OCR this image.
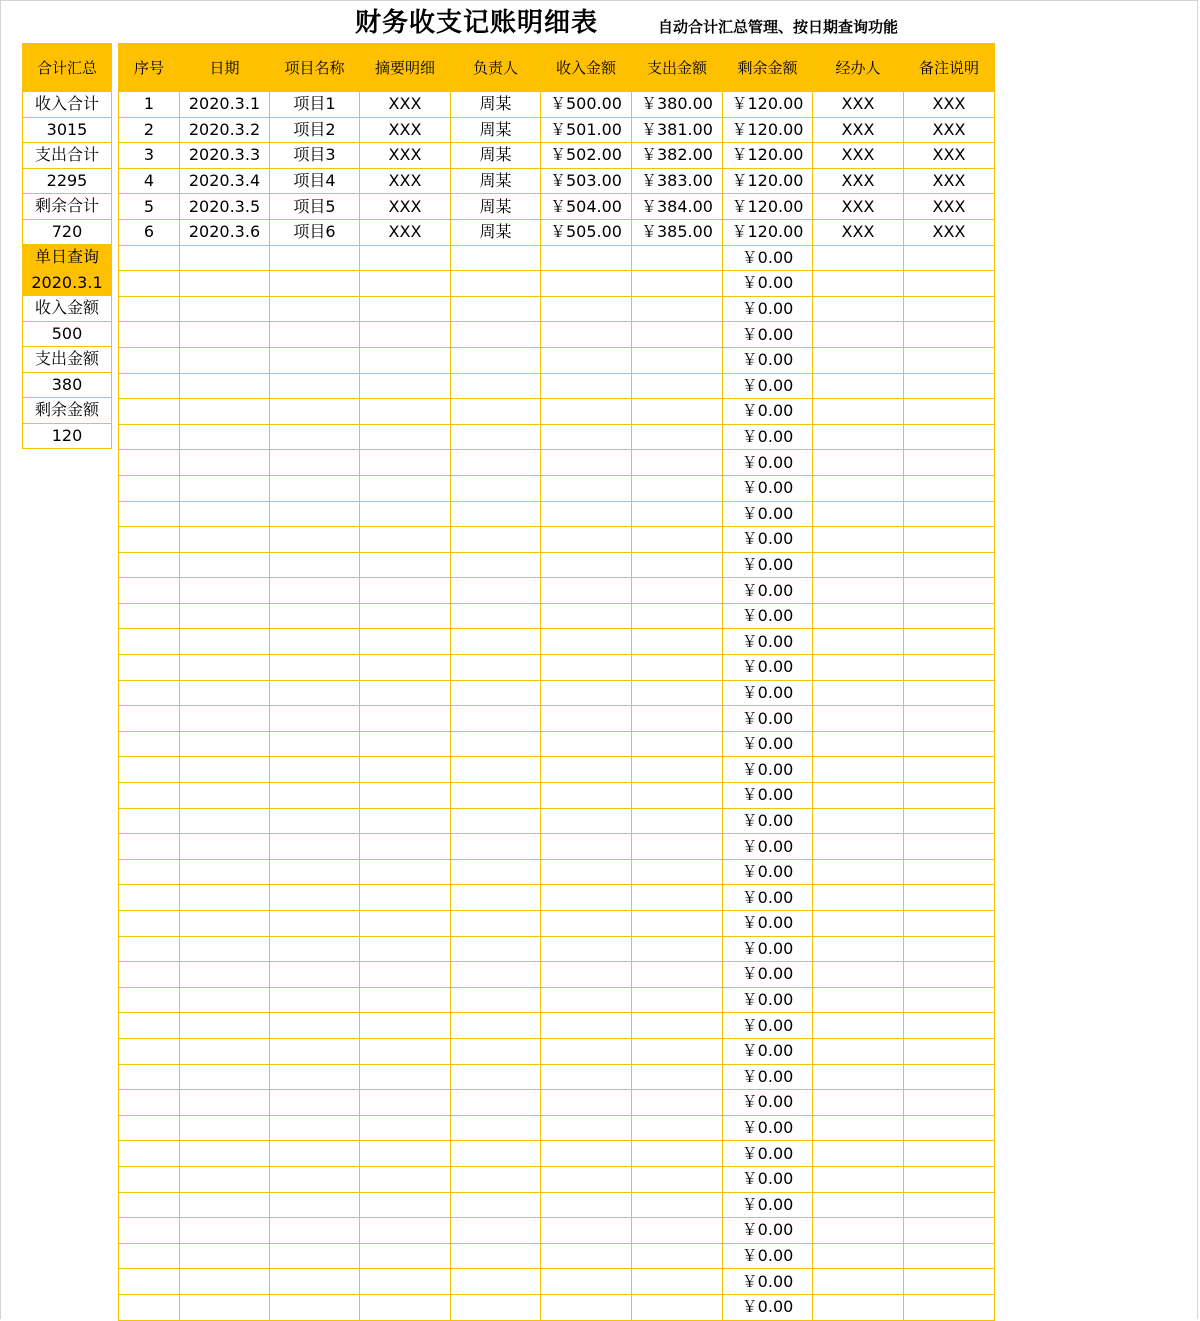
财务收支记账明细表	自动合计汇总管理、按日期查询功能
合计汇总
收入合计
3015
支出合计
2295
剩余合计
720
单日查询
2020.3.1
收入金额
500
支出金额
380
剩余金额
120
序号	日期	项目名称	摘要明细	负责人	收入金额	支出金额	剩余金额	经办人	备注说明
1	2020.3.1	项目1	XXX	周某	￥500.00	￥380.00	￥120.00	XXX	XXX
2	2020.3.2	项目2	XXX	周某	￥501.00	￥381.00	￥120.00	XXX	XXX
3	2020.3.3	项目3	XXX	周某	￥502.00	￥382.00	￥120.00	XXX	XXX
4	2020.3.4	项目4	XXX	周某	￥503.00	￥383.00	￥120.00	XXX	XXX
5	2020.3.5	项目5	XXX	周某	￥504.00	￥384.00	￥120.00	XXX	XXX
6	2020.3.6	项目6	XXX	周某	￥505.00	￥385.00	￥120.00	XXX	XXX
							￥0.00		
							￥0.00		
							￥0.00		
							￥0.00		
							￥0.00		
							￥0.00		
							￥0.00		
							￥0.00		
							￥0.00		
							￥0.00		
							￥0.00		
							￥0.00		
							￥0.00		
							￥0.00		
							￥0.00		
							￥0.00		
							￥0.00		
							￥0.00		
							￥0.00		
							￥0.00		
							￥0.00		
							￥0.00		
							￥0.00		
							￥0.00		
							￥0.00		
							￥0.00		
							￥0.00		
							￥0.00		
							￥0.00		
							￥0.00		
							￥0.00		
							￥0.00		
							￥0.00		
							￥0.00		
							￥0.00		
							￥0.00		
							￥0.00		
							￥0.00		
							￥0.00		
							￥0.00		
							￥0.00		
							￥0.00		
